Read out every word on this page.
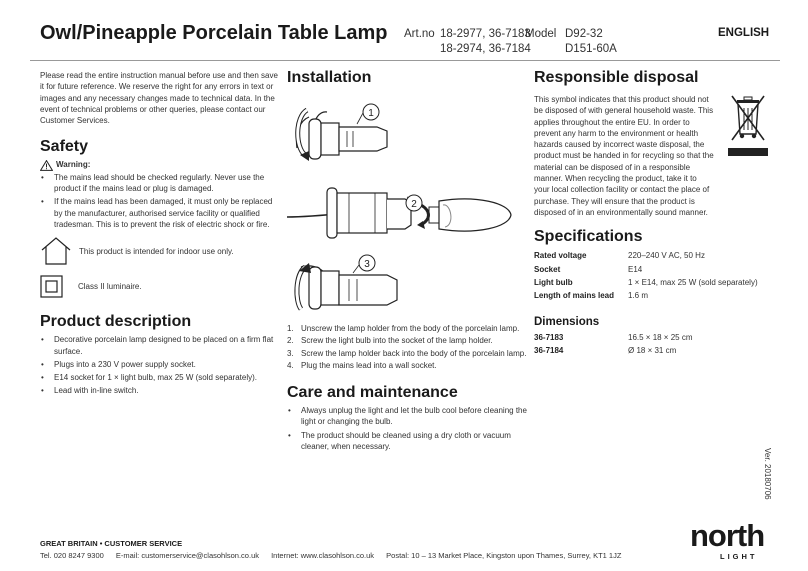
Owl/Pineapple Porcelain Table Lamp Art.no 18-2977, 36-7183
18-2974, 36-7184
Model D92-32
D151-60A
ENGLISH

Please read the entire instruction manual before use and then save it for future reference. We reserve the right for any errors in text or images and any necessary changes made to technical data. In the event of technical problems or other queries, please contact our Customer Services.

Safety
Warning:
• The mains lead should be checked regularly. Never use the product if the mains lead or plug is damaged.
• If the mains lead has been damaged, it must only be replaced by the manufacturer, authorised service facility or qualified tradesman. This is to prevent the risk of electric shock or fire.
This product is intended for indoor use only.
Class II luminaire.
Product description
• Decorative porcelain lamp designed to be placed on a firm flat surface.
• Plugs into a 230 V power supply socket.
• E14 socket for 1 × light bulb, max 25 W (sold separately).
• Lead with in-line switch.
Installation
1
2
3
1. Unscrew the lamp holder from the body of the porcelain lamp.
2. Screw the light bulb into the socket of the lamp holder.
3. Screw the lamp holder back into the body of the porcelain lamp.
4. Plug the mains lead into a wall socket.
Care and maintenance
• Always unplug the light and let the bulb cool before cleaning the light or changing the bulb.
• The product should be cleaned using a dry cloth or vacuum cleaner, when necessary.
Responsible disposal

This symbol indicates that this product should not be disposed of with general household waste. This applies throughout the entire EU. In order to prevent any harm to the environment or health hazards caused by incorrect waste disposal, the product must be handed in for recycling so that the material can be disposed of in a responsible manner. When recycling the product, take it to your local collection facility or contact the place of purchase. They will ensure that the product is disposed of in an environmentally sound manner.

Specifications
Rated voltage	220–240 V AC, 50 Hz
Socket	E14
Light bulb	1 × E14, max 25 W (sold separately)
Length of mains lead	1.6 m
Dimensions
36-7183	16.5 × 18 × 25 cm
36-7184	Ø 18 × 31 cm
Ver. 20180706
GREAT BRITAIN • CUSTOMER SERVICE
Tel. 020 8247 9300 E-mail: customerservice@clasohlson.co.uk Internet: www.clasohlson.co.uk Postal: 10 – 13 Market Place, Kingston upon Thames, Surrey, KT1 1JZ
north
LIGHT
